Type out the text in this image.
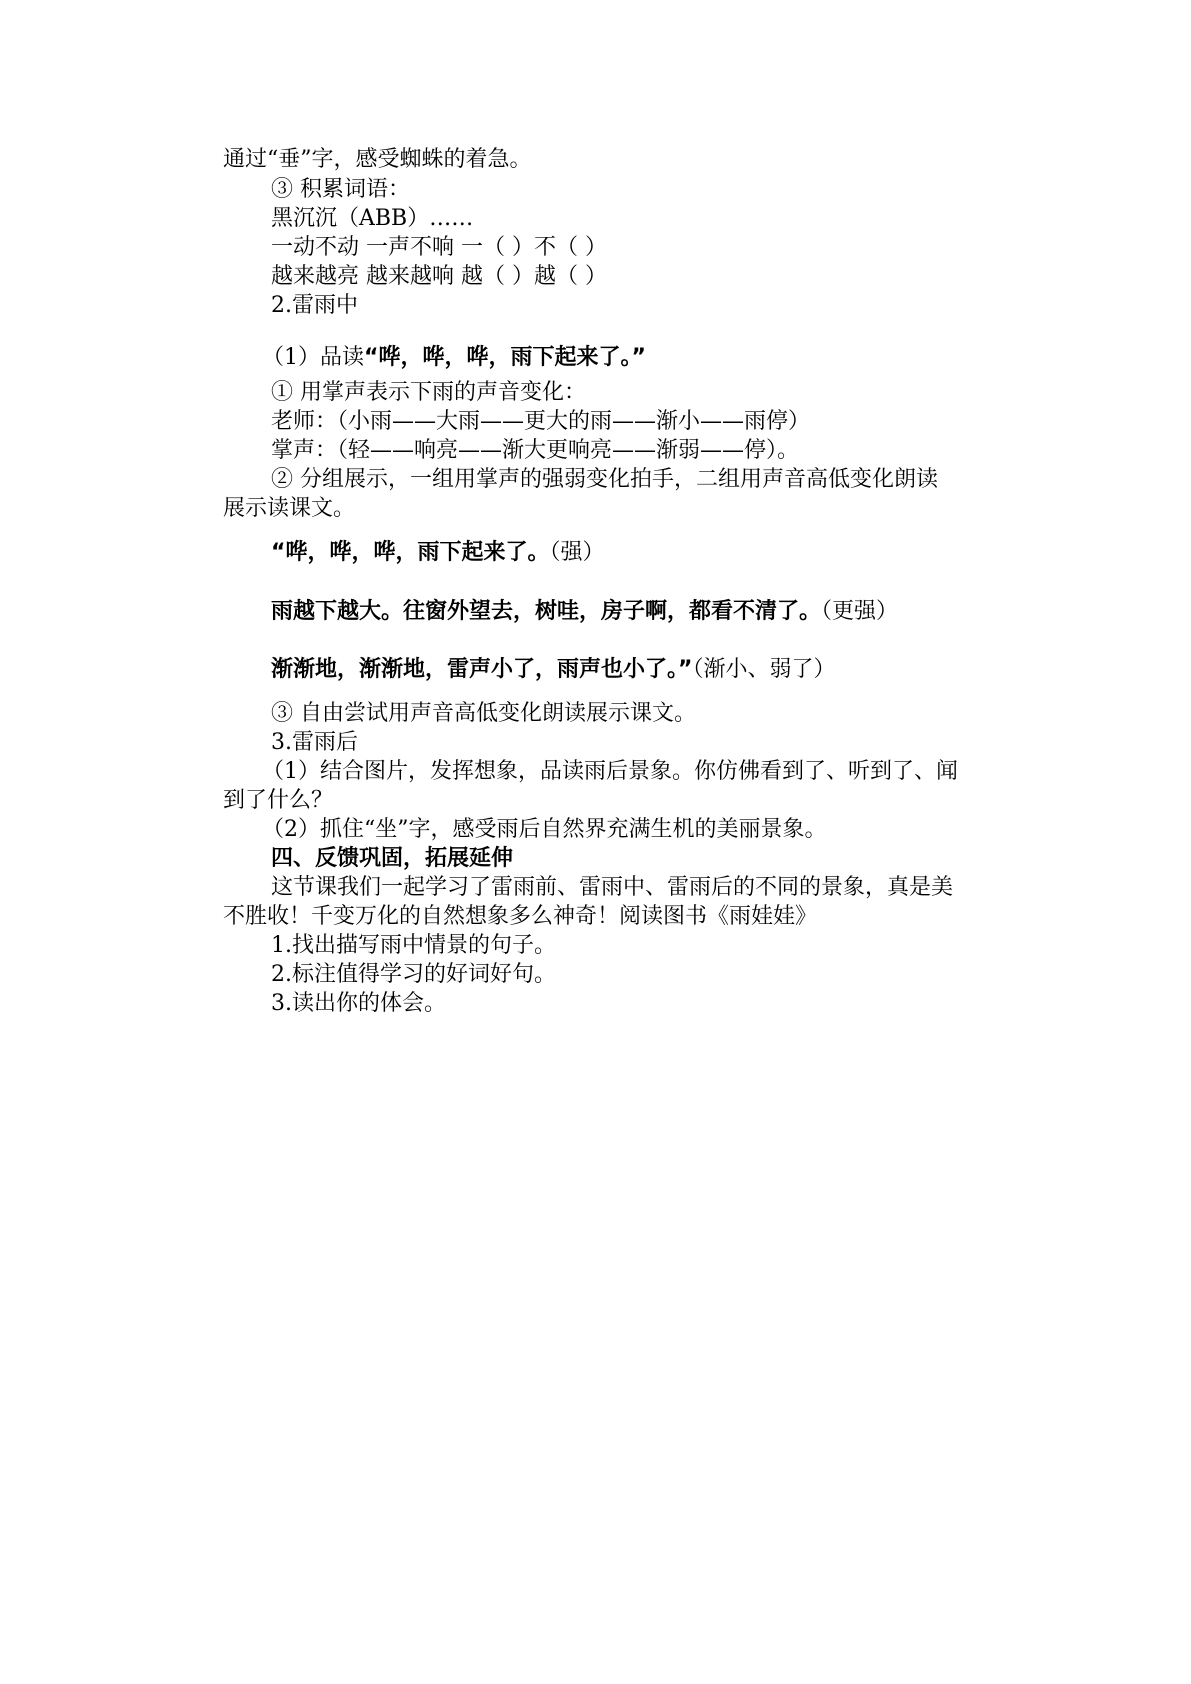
通过“垂”字，感受蜘蛛的着急。
③ 积累词语：
黑沉沉（ABB）……
一动不动 一声不响 一（ ）不（ ）
越来越亮 越来越响 越（ ）越（ ）
2.雷雨中
（1）品读“哗，哗，哗，雨下起来了。”
① 用掌声表示下雨的声音变化：
老师：（小雨——大雨——更大的雨——渐小——雨停）
掌声：（轻——响亮——渐大更响亮——渐弱——停）。
② 分组展示，一组用掌声的强弱变化拍手，二组用声音高低变化朗读
展示读课文。
“哗，哗，哗，雨下起来了。（强）
雨越下越大。往窗外望去，树哇，房子啊，都看不清了。（更强）
渐渐地，渐渐地，雷声小了，雨声也小了。”（渐小、弱了）
③ 自由尝试用声音高低变化朗读展示课文。
3.雷雨后
（1）结合图片，发挥想象，品读雨后景象。你仿佛看到了、听到了、闻
到了什么？
（2）抓住“坐”字，感受雨后自然界充满生机的美丽景象。
四、反馈巩固，拓展延伸
这节课我们一起学习了雷雨前、雷雨中、雷雨后的不同的景象，真是美
不胜收！千变万化的自然想象多么神奇！阅读图书《雨娃娃》
1.找出描写雨中情景的句子。
2.标注值得学习的好词好句。
3.读出你的体会。
